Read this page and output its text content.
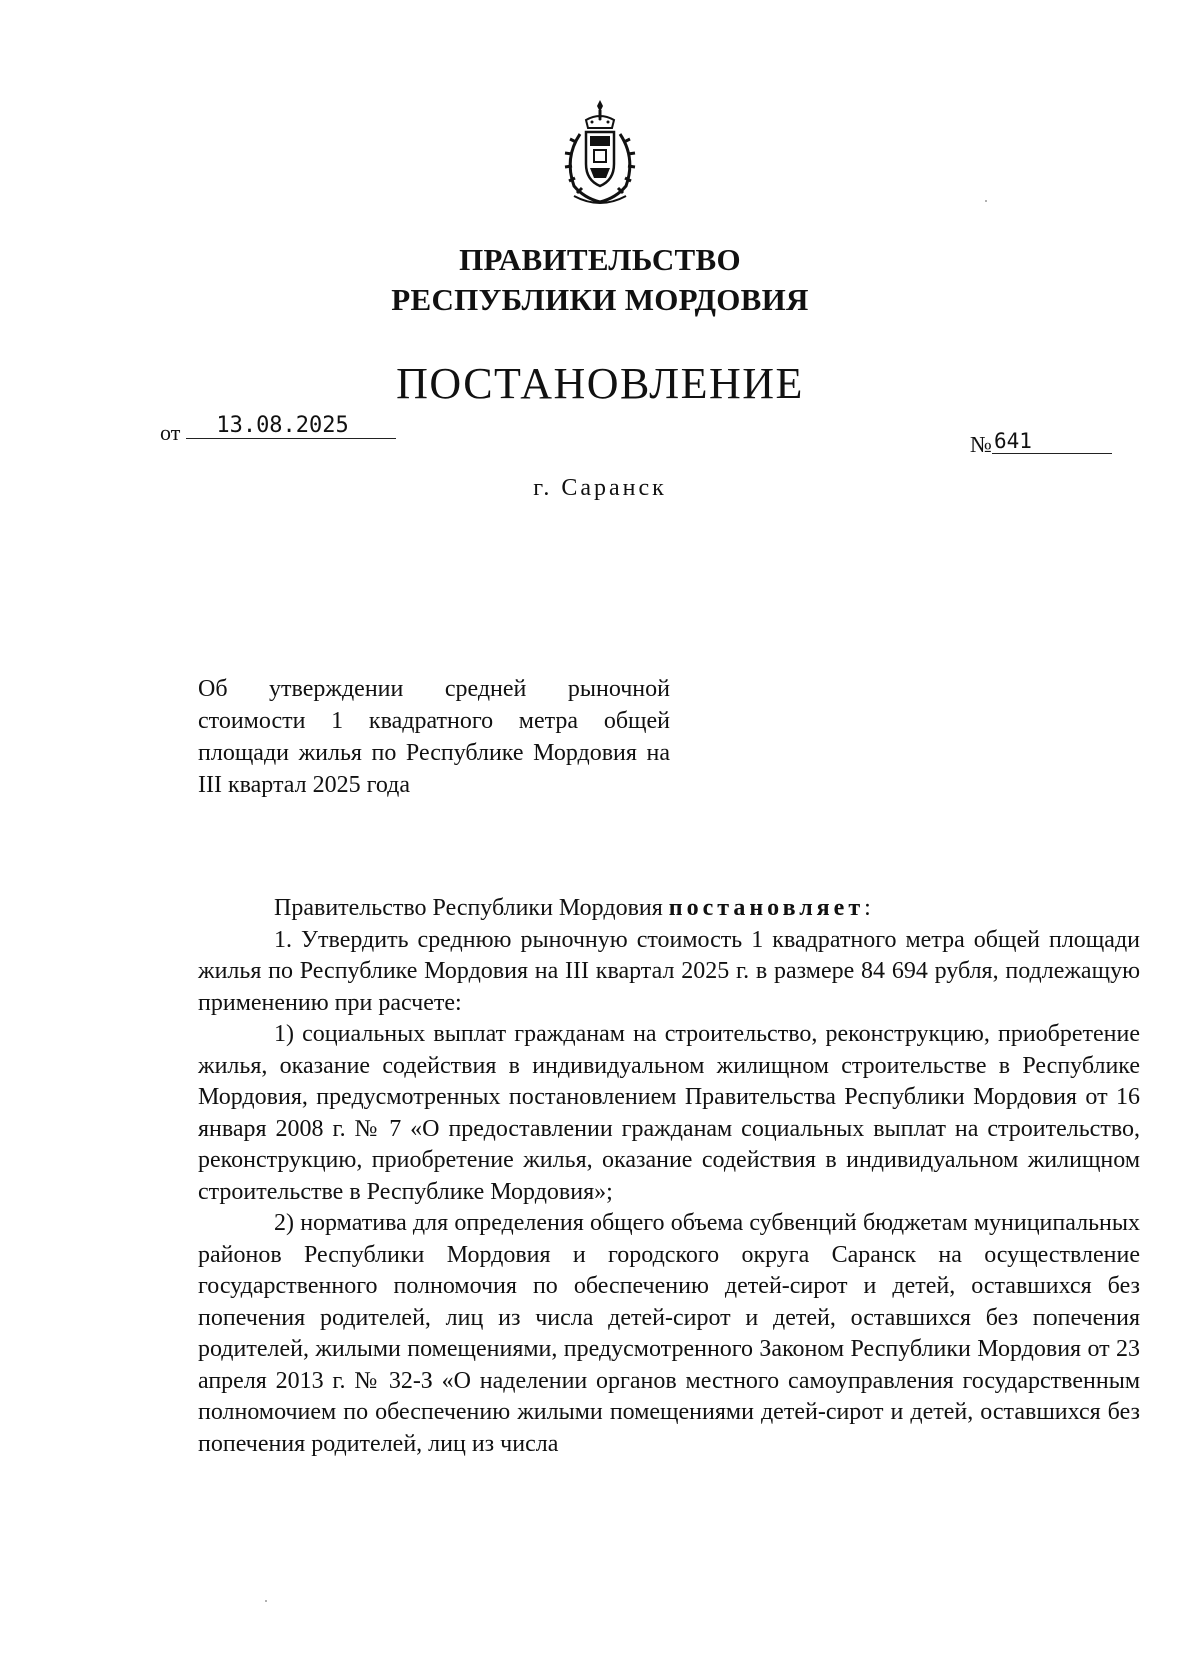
ПРАВИТЕЛЬСТВО
РЕСПУБЛИКИ МОРДОВИЯ
ПОСТАНОВЛЕНИЕ
от 13.08.2025
№641
г. Саранск
Об утверждении средней рыночной стоимости 1 квадратного метра общей площади жилья по Республике Мордовия на III квартал 2025 года

Правительство Республики Мордовия постановляет:

1. Утвердить среднюю рыночную стоимость 1 квадратного метра общей площади жилья по Республике Мордовия на III квартал 2025 г. в размере 84 694 рубля, подлежащую применению при расчете:

1) социальных выплат гражданам на строительство, реконструкцию, приобретение жилья, оказание содействия в индивидуальном жилищном строительстве в Республике Мордовия, предусмотренных постановлением Правительства Республики Мордовия от 16 января 2008 г. № 7 «О предоставлении гражданам социальных выплат на строительство, реконструкцию, приобретение жилья, оказание содействия в индивидуальном жилищном строительстве в Республике Мордовия»;

2) норматива для определения общего объема субвенций бюджетам муниципальных районов Республики Мордовия и городского округа Саранск на осуществление государственного полномочия по обеспечению детей-сирот и детей, оставшихся без попечения родителей, лиц из числа детей-сирот и детей, оставшихся без попечения родителей, жилыми помещениями, предусмотренного Законом Республики Мордовия от 23 апреля 2013 г. № 32-З «О наделении органов местного самоуправления государственным полномочием по обеспечению жилыми помещениями детей-сирот и детей, оставшихся без попечения родителей, лиц из числа
